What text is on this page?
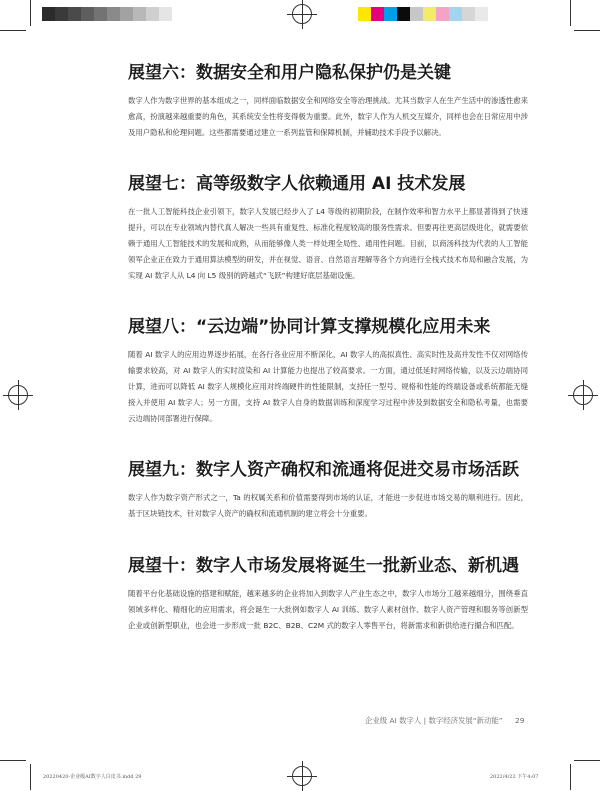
展望六：数据安全和用户隐私保护仍是关键

数字人作为数字世界的基本组成之一，同样面临数据安全和网络安全等治理挑战。尤其当数字人在生产生活中的渗透性愈来愈高，扮演越来越重要的角色，其系统安全性将变得极为重要。此外，数字人作为人机交互媒介，同样也会在日常应用中涉及用户隐私和伦理问题。这些都需要通过建立一系列监管和保障机制，并辅助技术手段予以解决。

展望七：高等级数字人依赖通用 AI 技术发展

在一批人工智能科技企业引领下，数字人发展已经步入了 L4 等级的初期阶段，在制作效率和智力水平上都显著得到了快速提升，可以在专业领域内替代真人解决一些具有重复性、标准化程度较高的服务性需求。但要再往更高层级进化，就需要依赖于通用人工智能技术的发展和成熟，从而能够像人类一样处理全局性、通用性问题。目前，以商汤科技为代表的人工智能领军企业正在致力于通用算法模型的研发，并在视觉、语音、自然语言理解等各个方向进行全栈式技术布局和融合发展，为实现 AI 数字人从 L4 向 L5 级别的跨越式“飞跃”构建好底层基础设施。

展望八：“云边端”协同计算支撑规模化应用未来

随着 AI 数字人的应用边界逐步拓展，在各行各业应用不断深化，AI 数字人的高拟真性、高实时性及高并发性不仅对网络传输要求较高，对 AI 数字人的实时渲染和 AI 计算能力也提出了较高要求。一方面，通过低延时网络传输，以及云边端协同计算，进而可以降低 AI 数字人规模化应用对终端硬件的性能限制，支持任一型号、规格和性能的终端设备或系统都能无缝接入并使用 AI 数字人；另一方面，支持 AI 数字人自身的数据训练和深度学习过程中涉及到数据安全和隐私考量，也需要云边端协同部署进行保障。

展望九：数字人资产确权和流通将促进交易市场活跃

数字人作为数字资产形式之一，Ta 的权属关系和价值需要得到市场的认证，才能进一步促进市场交易的顺利进行。因此，基于区块链技术，针对数字人资产的确权和流通机制的建立将会十分重要。

展望十：数字人市场发展将诞生一批新业态、新机遇

随着平台化基础设施的搭建和赋能，越来越多的企业将加入到数字人产业生态之中，数字人市场分工越来越细分，围绕垂直领域多样化、精细化的应用需求，将会诞生一大批例如数字人 AI 训练、数字人素材创作、数字人资产管理和服务等创新型企业或创新型职业，也会进一步形成一批 B2C、B2B、C2M 式的数字人零售平台，将新需求和新供给进行撮合和匹配。

企业级 AI 数字人 | 数字经济发展“新动能” 29
20220420-企业级AI数字人白皮书.indd 29	2022/4/22 下午4:07
